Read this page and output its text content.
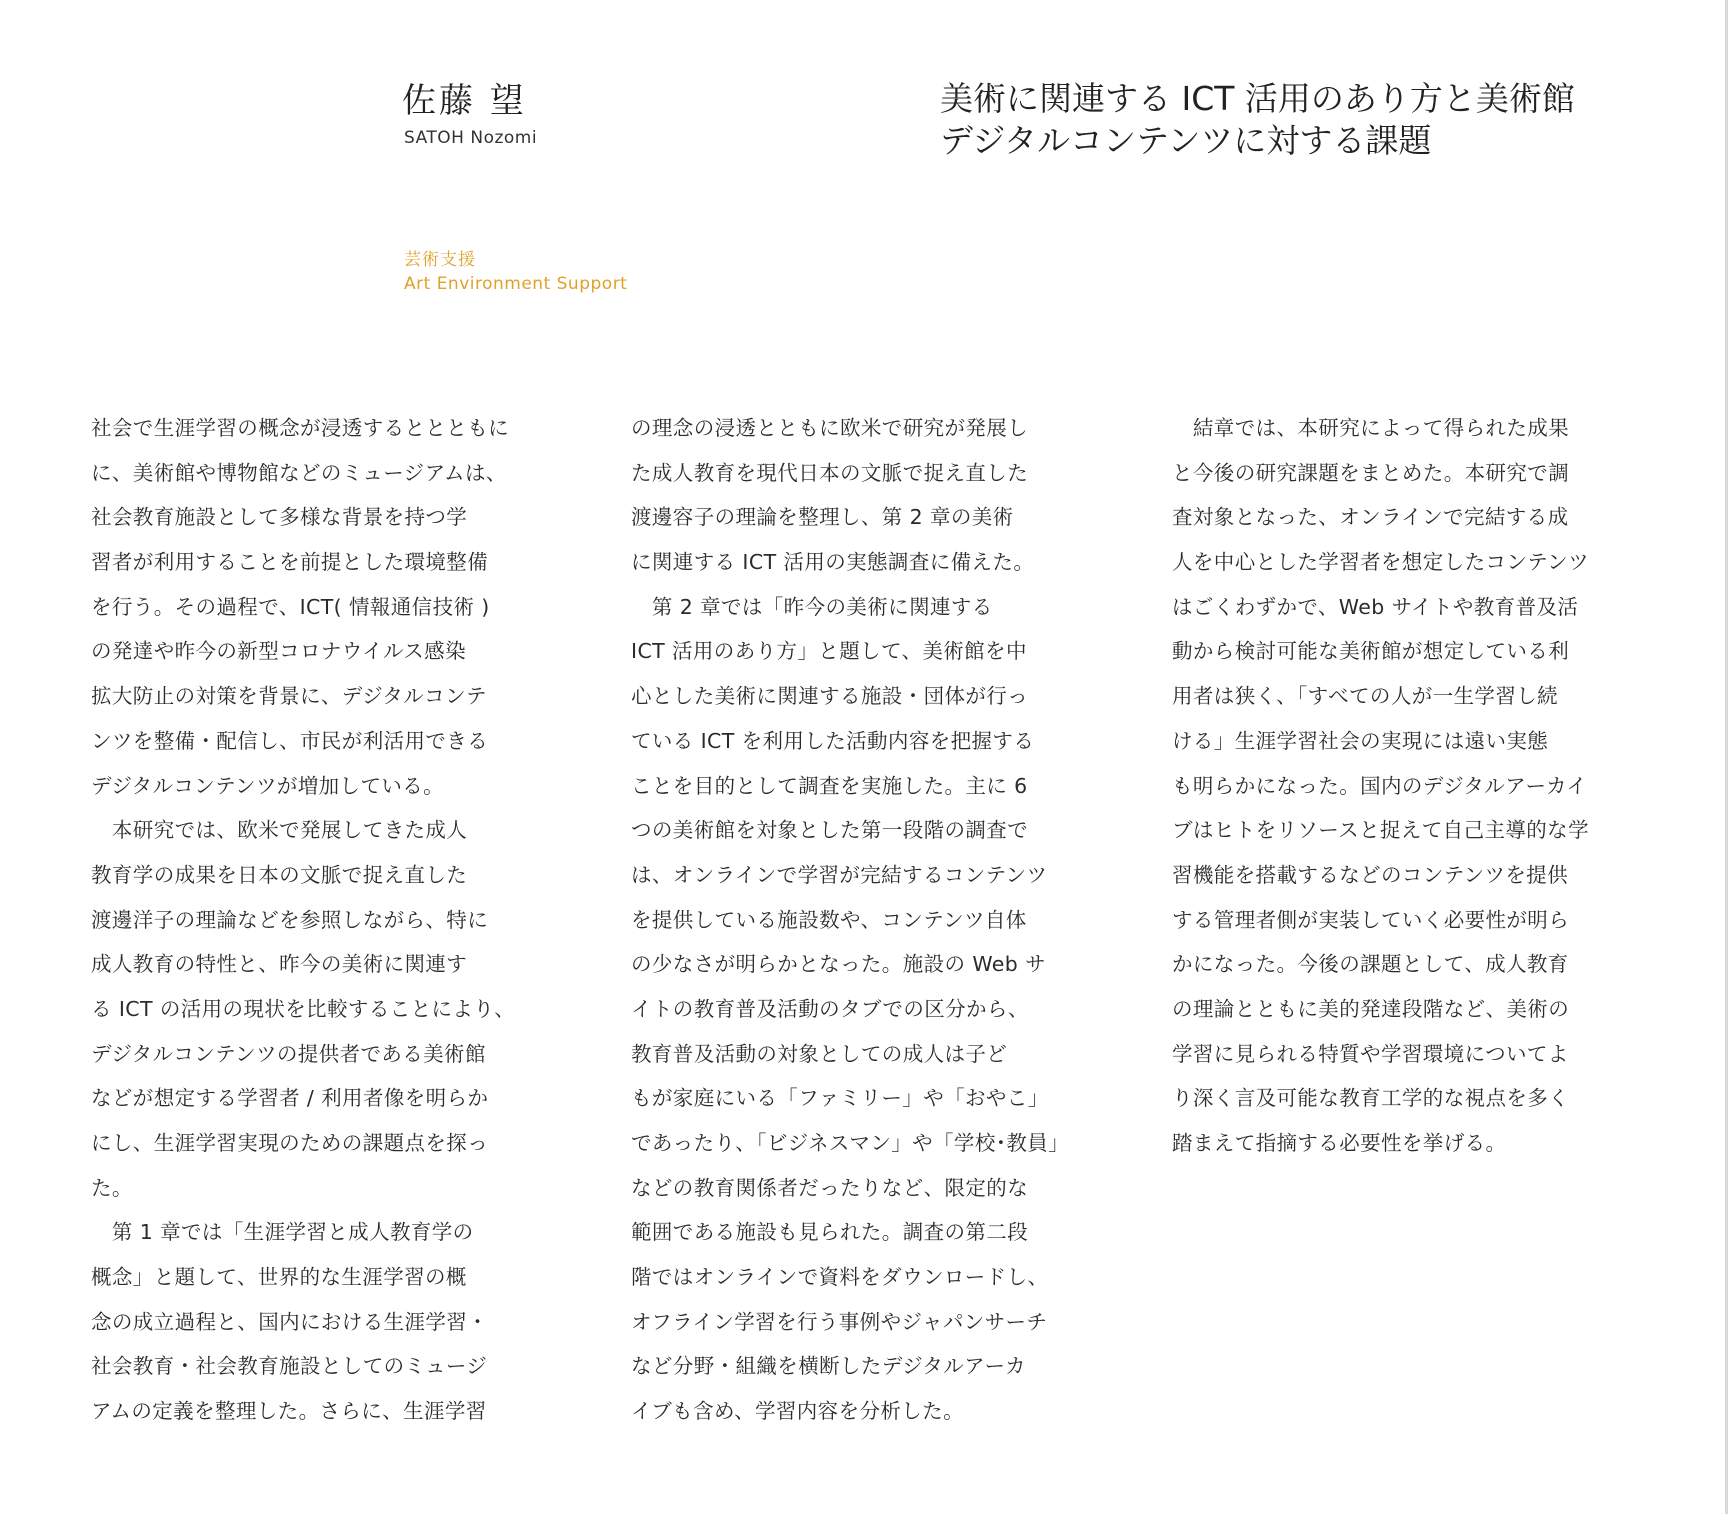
佐藤 望
SATOH Nozomi
美術に関連する ICT 活用のあり方と美術館
デジタルコンテンツに対する課題
芸術支援
Art Environment Support
社会で生涯学習の概念が浸透するととともに
に、美術館や博物館などのミュージアムは、
社会教育施設として多様な背景を持つ学
習者が利用することを前提とした環境整備
を行う。その過程で、ICT( 情報通信技術 )
の発達や昨今の新型コロナウイルス感染
拡大防止の対策を背景に、デジタルコンテ
ンツを整備・配信し、市民が利活用できる
デジタルコンテンツが増加している。
　本研究では、欧米で発展してきた成人
教育学の成果を日本の文脈で捉え直した
渡邊洋子の理論などを参照しながら、特に
成人教育の特性と、昨今の美術に関連す
る ICT の活用の現状を比較することにより、
デジタルコンテンツの提供者である美術館
などが想定する学習者 / 利用者像を明らか
にし、生涯学習実現のための課題点を探っ
た。
　第 1 章では「生涯学習と成人教育学の
概念」と題して、世界的な生涯学習の概
念の成立過程と、国内における生涯学習・
社会教育・社会教育施設としてのミュージ
アムの定義を整理した。さらに、生涯学習
の理念の浸透とともに欧米で研究が発展し
た成人教育を現代日本の文脈で捉え直した
渡邊容子の理論を整理し、第 2 章の美術
に関連する ICT 活用の実態調査に備えた。
　第 2 章では「昨今の美術に関連する
ICT 活用のあり方」と題して、美術館を中
心とした美術に関連する施設・団体が行っ
ている ICT を利用した活動内容を把握する
ことを目的として調査を実施した。主に 6
つの美術館を対象とした第一段階の調査で
は、オンラインで学習が完結するコンテンツ
を提供している施設数や、コンテンツ自体
の少なさが明らかとなった。施設の Web サ
イトの教育普及活動のタブでの区分から、
教育普及活動の対象としての成人は子ど
もが家庭にいる「ファミリー」や「おやこ」
であったり、「ビジネスマン」や「学校･教員」
などの教育関係者だったりなど、限定的な
範囲である施設も見られた。調査の第二段
階ではオンラインで資料をダウンロードし、
オフライン学習を行う事例やジャパンサーチ
など分野・組織を横断したデジタルアーカ
イブも含め、学習内容を分析した。
　結章では、本研究によって得られた成果
と今後の研究課題をまとめた。本研究で調
査対象となった、オンラインで完結する成
人を中心とした学習者を想定したコンテンツ
はごくわずかで、Web サイトや教育普及活
動から検討可能な美術館が想定している利
用者は狭く、「すべての人が一生学習し続
ける」生涯学習社会の実現には遠い実態
も明らかになった。国内のデジタルアーカイ
ブはヒトをリソースと捉えて自己主導的な学
習機能を搭載するなどのコンテンツを提供
する管理者側が実装していく必要性が明ら
かになった。今後の課題として、成人教育
の理論とともに美的発達段階など、美術の
学習に見られる特質や学習環境についてよ
り深く言及可能な教育工学的な視点を多く
踏まえて指摘する必要性を挙げる。
